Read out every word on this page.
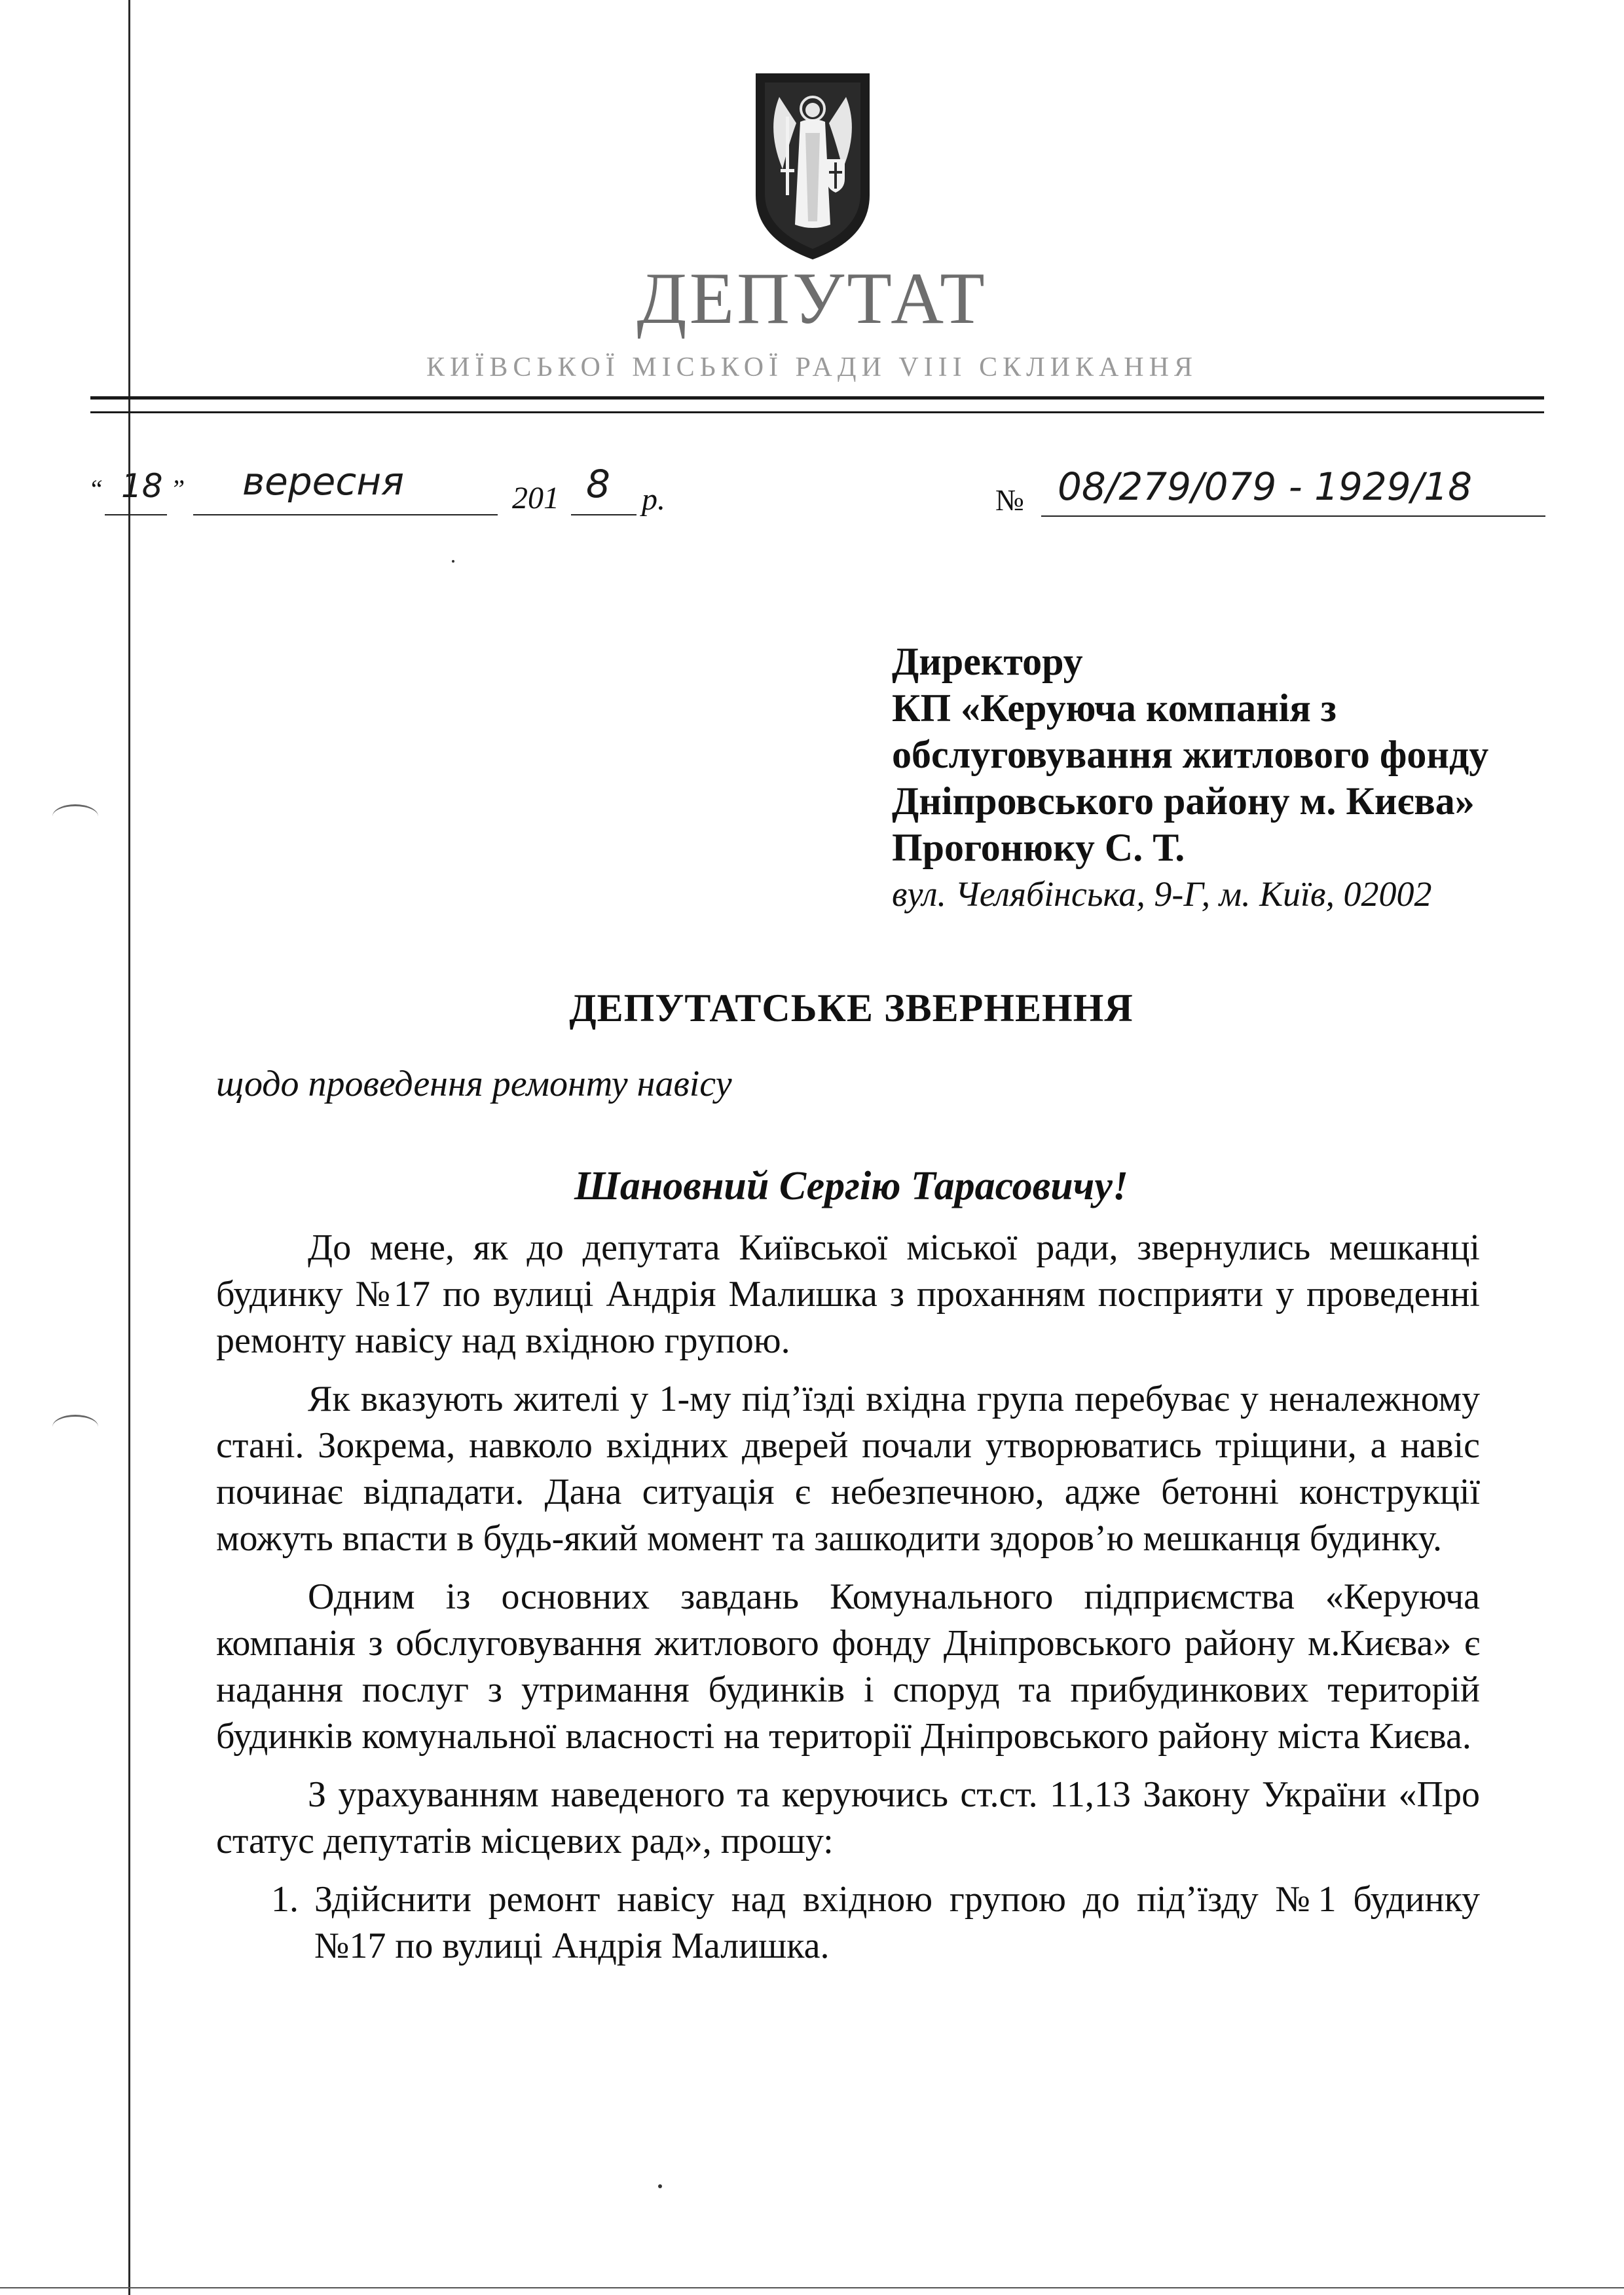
ДЕПУТАТ
КИЇВСЬКОЇ МІСЬКОЇ РАДИ VIII СКЛИКАННЯ
“ 18 ” вересня	201 8 р.	№ 08/279/079 - 1929/18
Директору
КП «Керуюча компанія з
обслуговування житлового фонду
Дніпровського району м. Києва»
Прогонюку С. Т.
вул. Челябінська, 9-Г, м. Київ, 02002
ДЕПУТАТСЬКЕ ЗВЕРНЕННЯ
щодо проведення ремонту навісу
Шановний Сергію Тарасовичу!

До мене, як до депутата Київської міської ради, звернулись мешканці будинку №17 по вулиці Андрія Малишка з проханням посприяти у проведенні ремонту навісу над вхідною групою.

Як вказують жителі у 1-му під’їзді вхідна група перебуває у неналежному стані. Зокрема, навколо вхідних дверей почали утворюватись тріщини, а навіс починає відпадати. Дана ситуація є небезпечною, адже бетонні конструкції можуть впасти в будь-який момент та зашкодити здоров’ю мешканця будинку.

Одним із основних завдань Комунального підприємства «Керуюча компанія з обслуговування житлового фонду Дніпровського району м.Києва» є надання послуг з утримання будинків і споруд та прибудинкових територій будинків комунальної власності на території Дніпровського району міста Києва.

З урахуванням наведеного та керуючись ст.ст. 11,13 Закону України «Про статус депутатів місцевих рад», прошу:

1. Здійснити ремонт навісу над вхідною групою до під’їзду №1 будинку №17 по вулиці Андрія Малишка.
